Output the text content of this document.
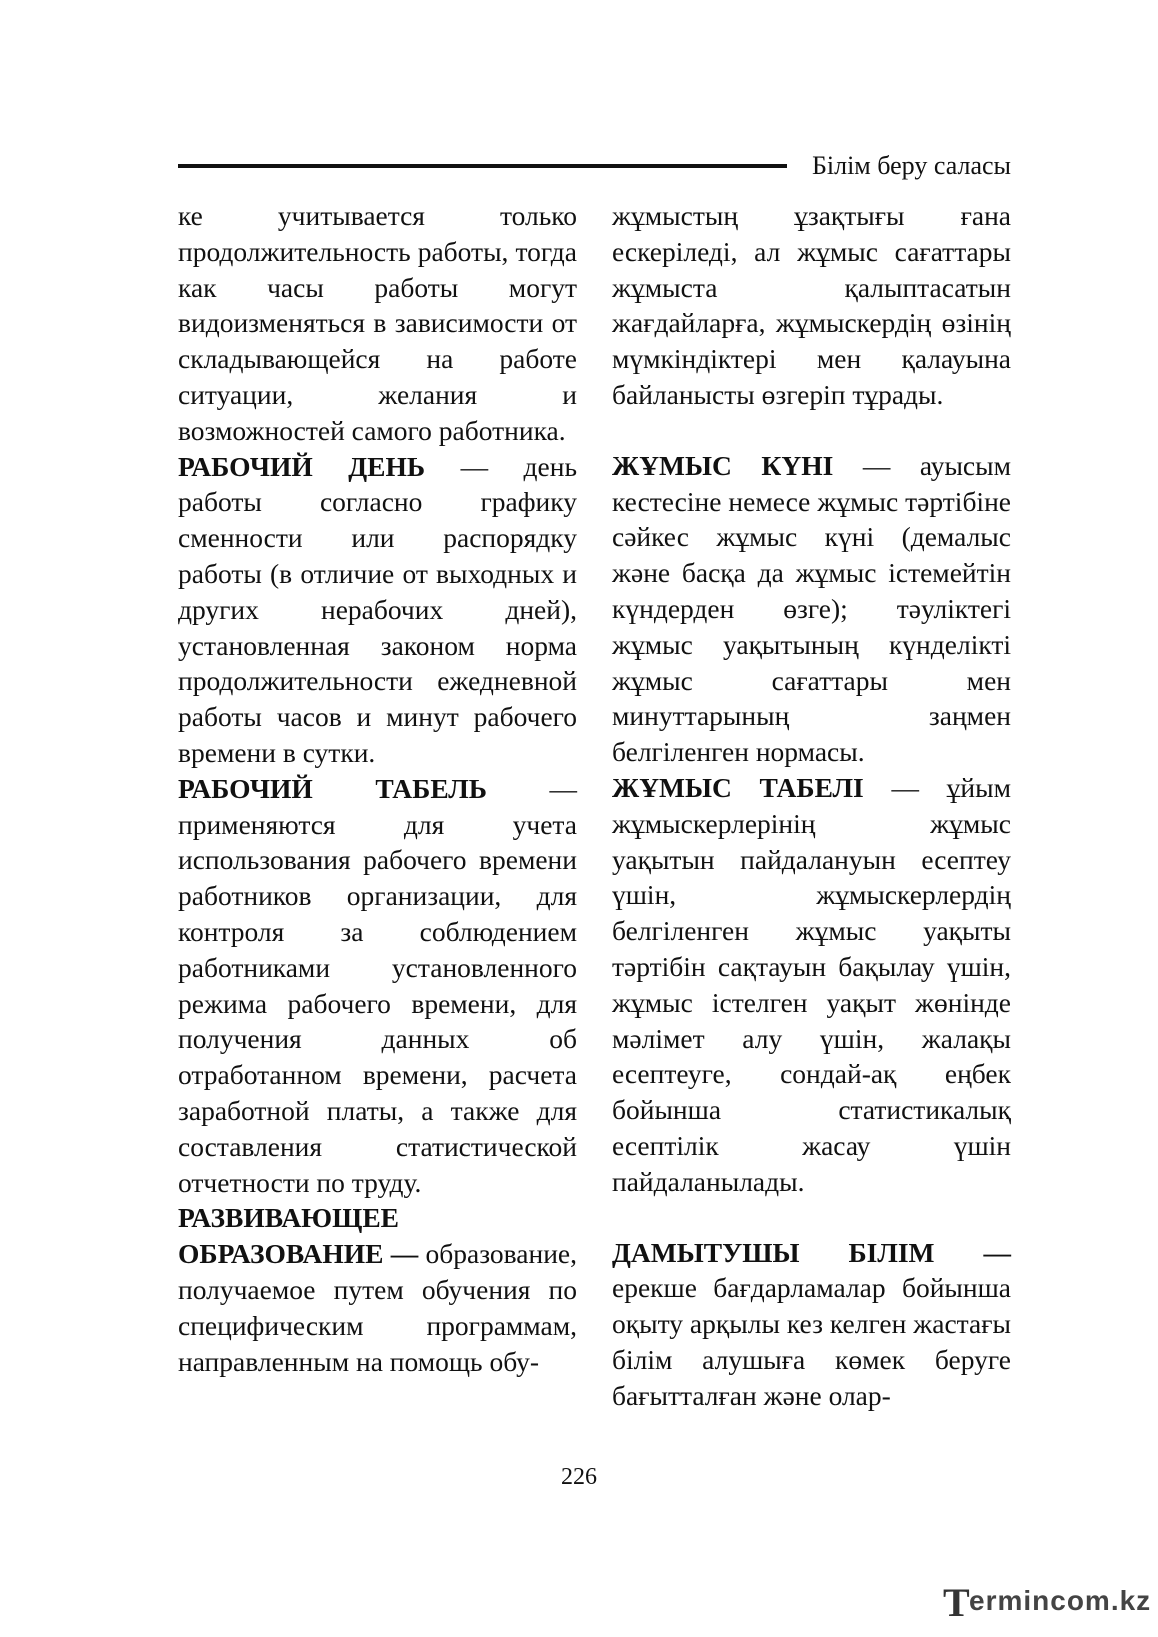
Білім беру саласы

ке учитывается только продолжительность работы, тогда как часы работы могут видоизменяться в зависимости от складывающейся на работе ситуации, желания и возможностей самого работника.

РАБОЧИЙ ДЕНЬ — день работы согласно графику сменности или распорядку работы (в отличие от выходных и других нерабочих дней), установленная законом норма продолжительности ежедневной работы часов и минут рабочего времени в сутки.

РАБОЧИЙ ТАБЕЛЬ — применяются для учета использования рабочего времени работников организации, для контроля за соблюдением работниками установленного режима рабочего времени, для получения данных об отработанном времени, расчета заработной платы, а также для составления статистической отчетности по труду.

РАЗВИВАЮЩЕЕ ОБРАЗОВАНИЕ — образование, получаемое путем обучения по специфическим программам, направленным на помощь обу-

жұмыстың ұзақтығы ғана ескеріледі, ал жұмыс сағаттары жұмыста қалыптасатын жағдайларға, жұмыскердің өзінің мүмкіндіктері мен қалауына байланысты өзгеріп тұрады.

ЖҰМЫС КҮНІ — ауысым кестесіне немесе жұмыс тәртібіне сәйкес жұмыс күні (демалыс және басқа да жұмыс істемейтін күндерден өзге); тәуліктегі жұмыс уақытының күнделікті жұмыс сағаттары мен минуттарының заңмен белгіленген нормасы.

ЖҰМЫС ТАБЕЛІ — ұйым жұмыскерлерінің жұмыс уақытын пайдалануын есептеу үшін, жұмыскерлердің белгіленген жұмыс уақыты тәртібін сақтауын бақылау үшін, жұмыс істелген уақыт жөнінде мәлімет алу үшін, жалақы есептеуге, сондай-ақ еңбек бойынша статистикалық есептілік жасау үшін пайдаланылады.

ДАМЫТУШЫ БІЛІМ — ерекше бағдарламалар бойынша оқыту арқылы кез келген жастағы білім алушыға көмек беруге бағытталған және олар-

226
T ermincom.kz
